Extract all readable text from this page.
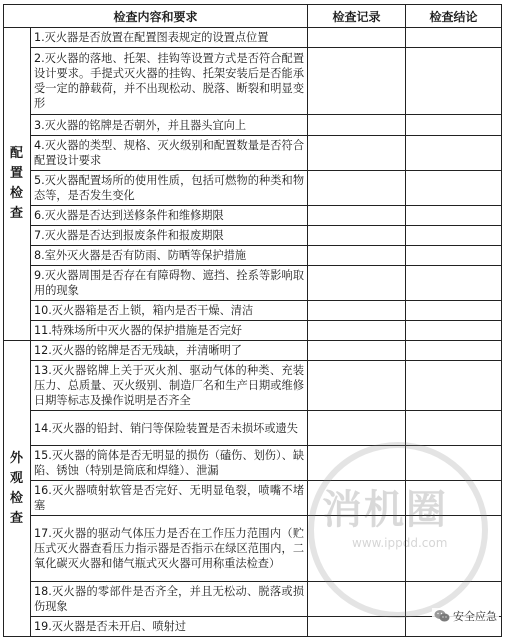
检查内容和要求		检查记录	检查结论
配置检查	1.灭火器是否放置在配置图表规定的设置点位置		
	2.灭火器的落地、托架、挂钩等设置方式是否符合配置设计要求。手提式灭火器的挂钩、托架安装后是否能承受一定的静载荷，并不出现松动、脱落、断裂和明显变形		
	3.灭火器的铭牌是否朝外，并且器头宜向上		
	4.灭火器的类型、规格、灭火级别和配置数量是否符合配置设计要求		
	5.灭火器配置场所的使用性质，包括可燃物的种类和物态等，是否发生变化		
	6.灭火器是否达到送修条件和维修期限		
	7.灭火器是否达到报废条件和报废期限		
	8.室外灭火器是否有防雨、防晒等保护措施		
	9.灭火器周围是否存在有障碍物、遮挡、拴系等影响取用的现象		
	10.灭火器箱是否上锁，箱内是否干燥、清洁		
	11.特殊场所中灭火器的保护措施是否完好		
外观检查	12.灭火器的铭牌是否无残缺，并清晰明了		
	13.灭火器铭牌上关于灭火剂、驱动气体的种类、充装压力、总质量、灭火级别、制造厂名和生产日期或维修日期等标志及操作说明是否齐全		
	14.灭火器的铅封、销闩等保险装置是否未损坏或遗失		
	15.灭火器的筒体是否无明显的损伤（磕伤、划伤）、缺陷、锈蚀（特别是筒底和焊缝）、泄漏		
	16.灭火器喷射软管是否完好、无明显龟裂，喷嘴不堵塞		
	17.灭火器的驱动气体压力是否在工作压力范围内（贮压式灭火器查看压力指示器是否指示在绿区范围内，二氧化碳灭火器和储气瓶式灭火器可用称重法检查）		
	18.灭火器的零部件是否齐全，并且无松动、脱落或损伤现象		
	19.灭火器是否未开启、喷射过		
消机圈
www.ippdd.com
安全应急
